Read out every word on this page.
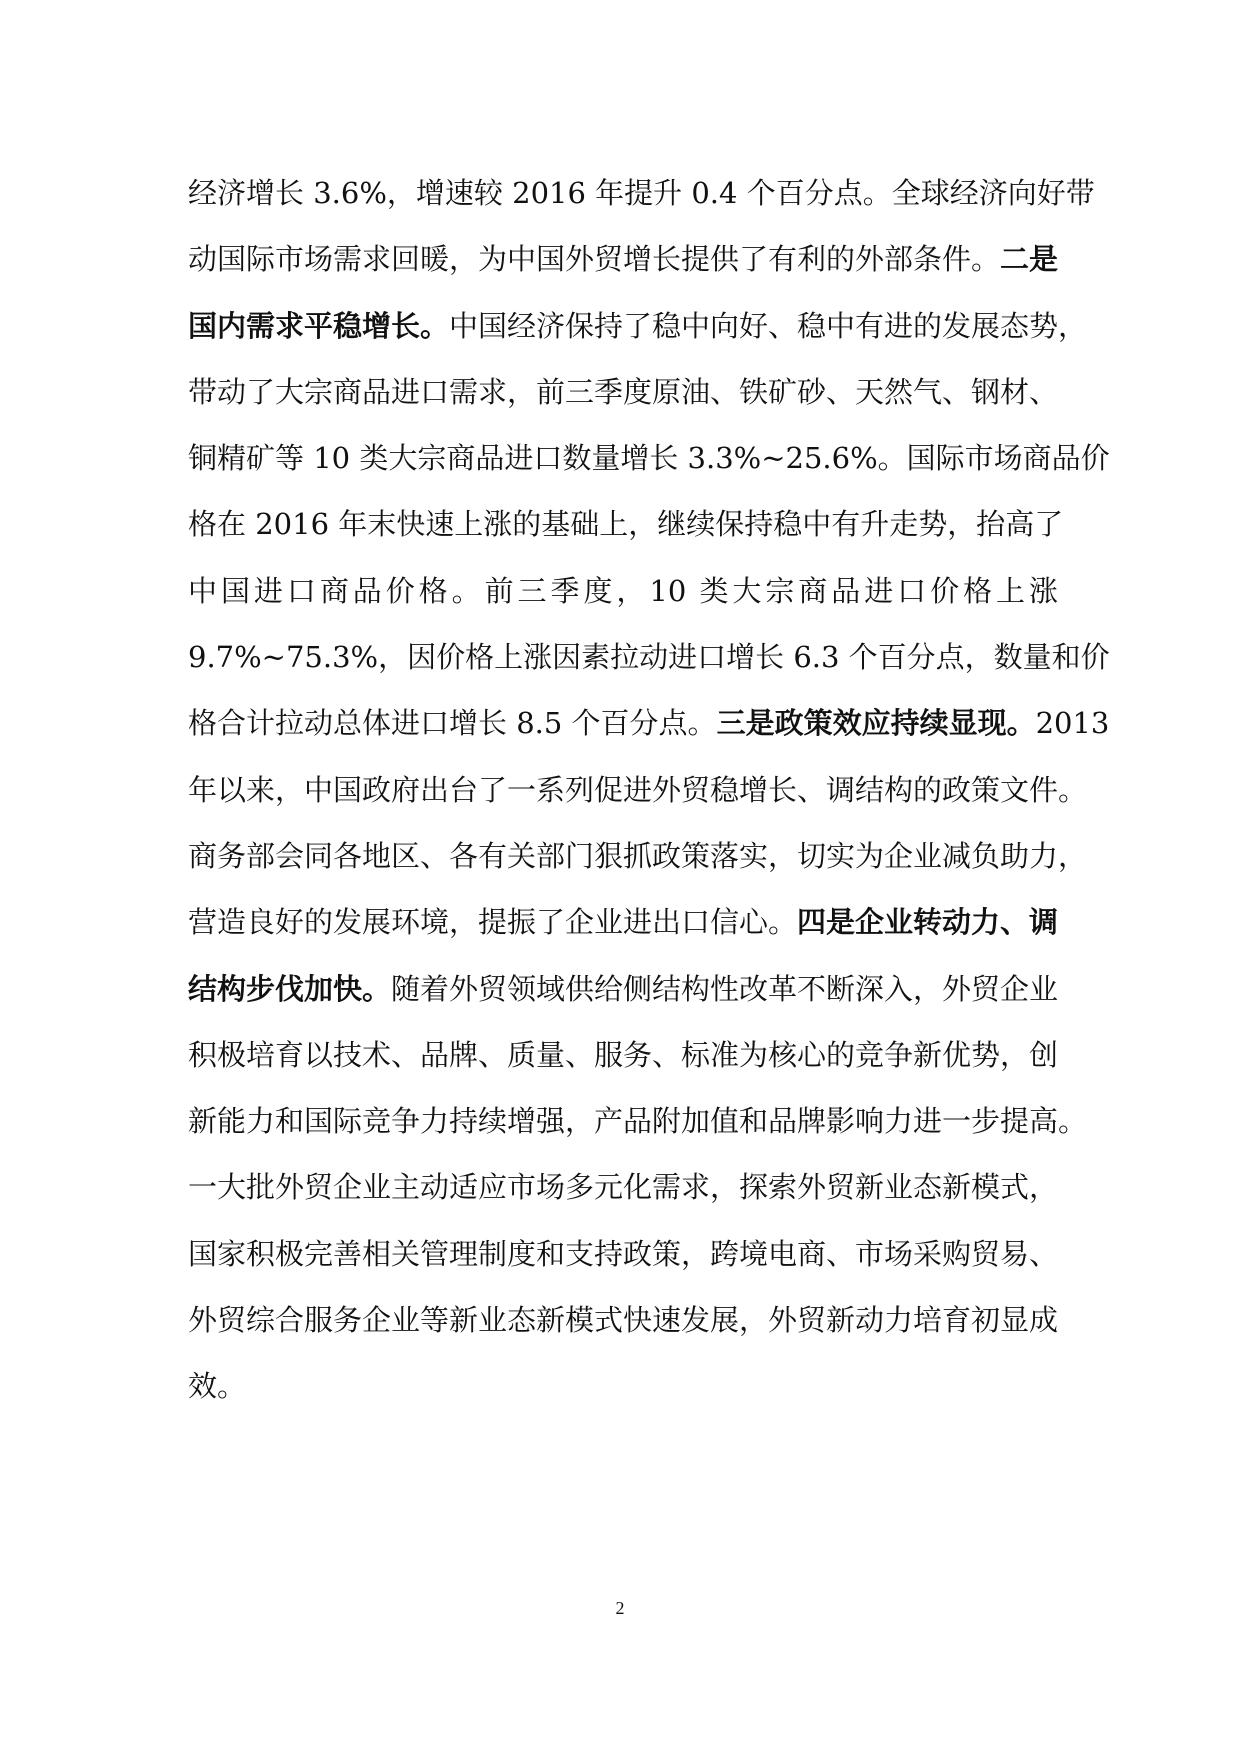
经济增长 3.6%，增速较 2016 年提升 0.4 个百分点。全球经济向好带
动国际市场需求回暖，为中国外贸增长提供了有利的外部条件。二是
国内需求平稳增长。中国经济保持了稳中向好、稳中有进的发展态势，
带动了大宗商品进口需求，前三季度原油、铁矿砂、天然气、钢材、
铜精矿等 10 类大宗商品进口数量增长 3.3%~25.6%。国际市场商品价
格在 2016 年末快速上涨的基础上，继续保持稳中有升走势，抬高了
中国进口商品价格。前三季度，10 类大宗商品进口价格上涨
9.7%~75.3%，因价格上涨因素拉动进口增长 6.3 个百分点，数量和价
格合计拉动总体进口增长 8.5 个百分点。三是政策效应持续显现。2013
年以来，中国政府出台了一系列促进外贸稳增长、调结构的政策文件。
商务部会同各地区、各有关部门狠抓政策落实，切实为企业减负助力，
营造良好的发展环境，提振了企业进出口信心。四是企业转动力、调
结构步伐加快。随着外贸领域供给侧结构性改革不断深入，外贸企业
积极培育以技术、品牌、质量、服务、标准为核心的竞争新优势，创
新能力和国际竞争力持续增强，产品附加值和品牌影响力进一步提高。
一大批外贸企业主动适应市场多元化需求，探索外贸新业态新模式，
国家积极完善相关管理制度和支持政策，跨境电商、市场采购贸易、
外贸综合服务企业等新业态新模式快速发展，外贸新动力培育初显成
效。
2
